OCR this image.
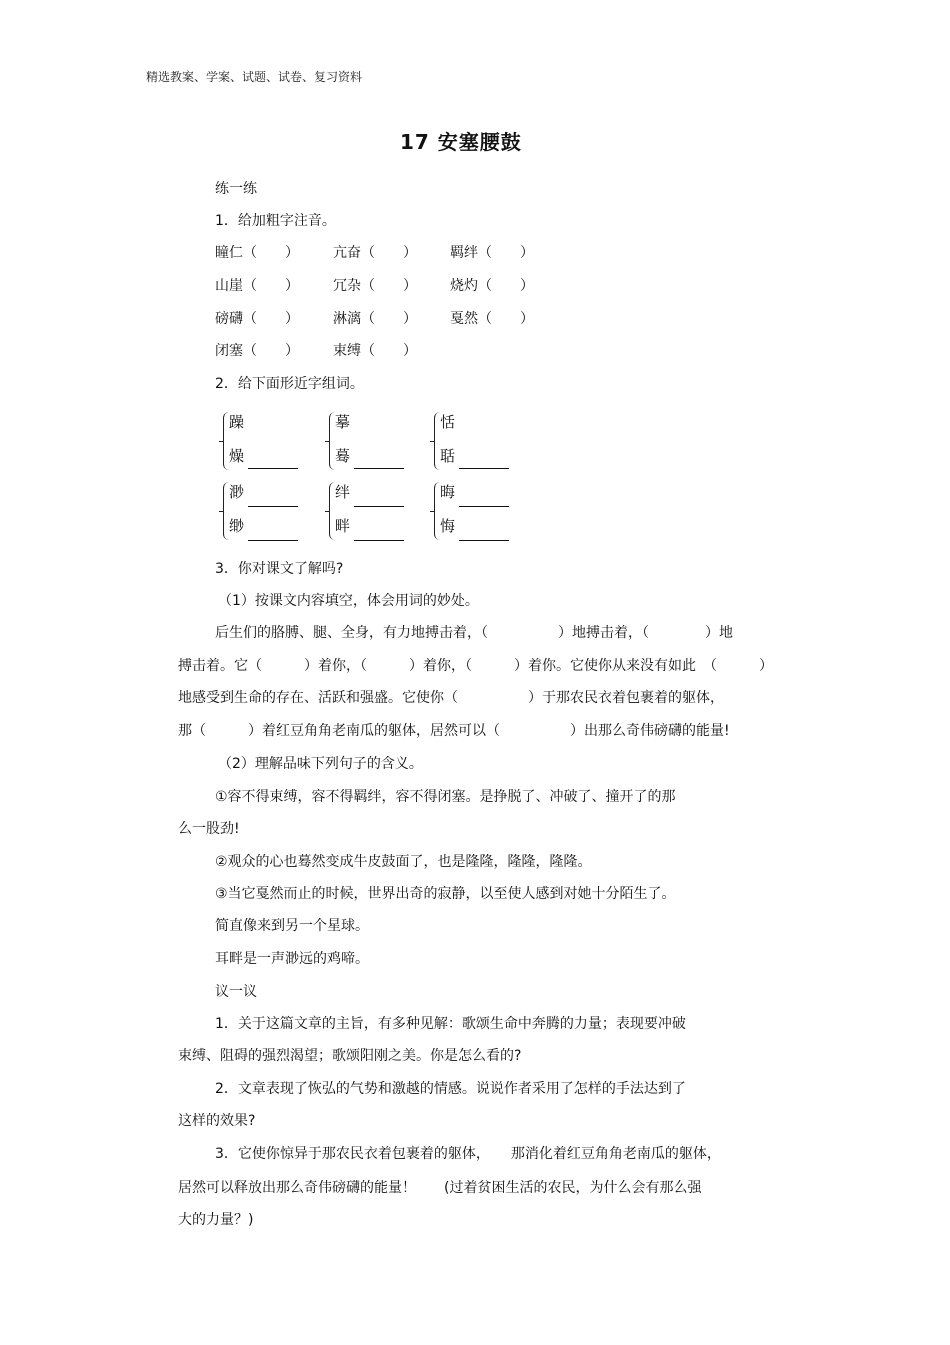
精选教案、学案、试题、试卷、复习资料
17 安塞腰鼓
练一练
1．给加粗字注音。
瞳仁（　　） 亢奋（　　） 羁绊（　　）
山崖（　　） 冗杂（　　） 烧灼（　　）
磅礴（　　） 淋漓（　　） 戛然（　　）
闭塞（　　） 束缚（　　）
2．给下面形近字组词。
躁
燥
摹
蓦
恬
聒
渺
缈
绊
畔
晦
悔
3．你对课文了解吗?
（1）按课文内容填空，体会用词的妙处。
后生们的胳膊、腿、全身，有力地搏击着，（　　　　　）地搏击着，（　　　　）地
搏击着。它（　　　）着你，（　　　）着你，（　　　）着你。它使你从来没有如此　（　　　）
地感受到生命的存在、活跃和强盛。它使你（　　　　　）于那农民衣着包裹着的躯体，
那（　　　）着红豆角角老南瓜的躯体，居然可以（　　　　　）出那么奇伟磅礴的能量!
（2）理解品味下列句子的含义。
①容不得束缚，容不得羁绊，容不得闭塞。是挣脱了、冲破了、撞开了的那
么一股劲!
②观众的心也蓦然变成牛皮鼓面了，也是隆隆，隆隆，隆隆。
③当它戛然而止的时候，世界出奇的寂静，以至使人感到对她十分陌生了。
简直像来到另一个星球。
耳畔是一声渺远的鸡啼。
议一议
1．关于这篇文章的主旨，有多种见解：歌颂生命中奔腾的力量；表现要冲破
束缚、阻碍的强烈渴望；歌颂阳刚之美。你是怎么看的?
2．文章表现了恢弘的气势和激越的情感。说说作者采用了怎样的手法达到了
这样的效果?
3．它使你惊异于那农民衣着包裹着的躯体，　　那消化着红豆角角老南瓜的躯体，
居然可以释放出那么奇伟磅礴的能量！　　(过着贫困生活的农民，为什么会有那么强
大的力量？)
